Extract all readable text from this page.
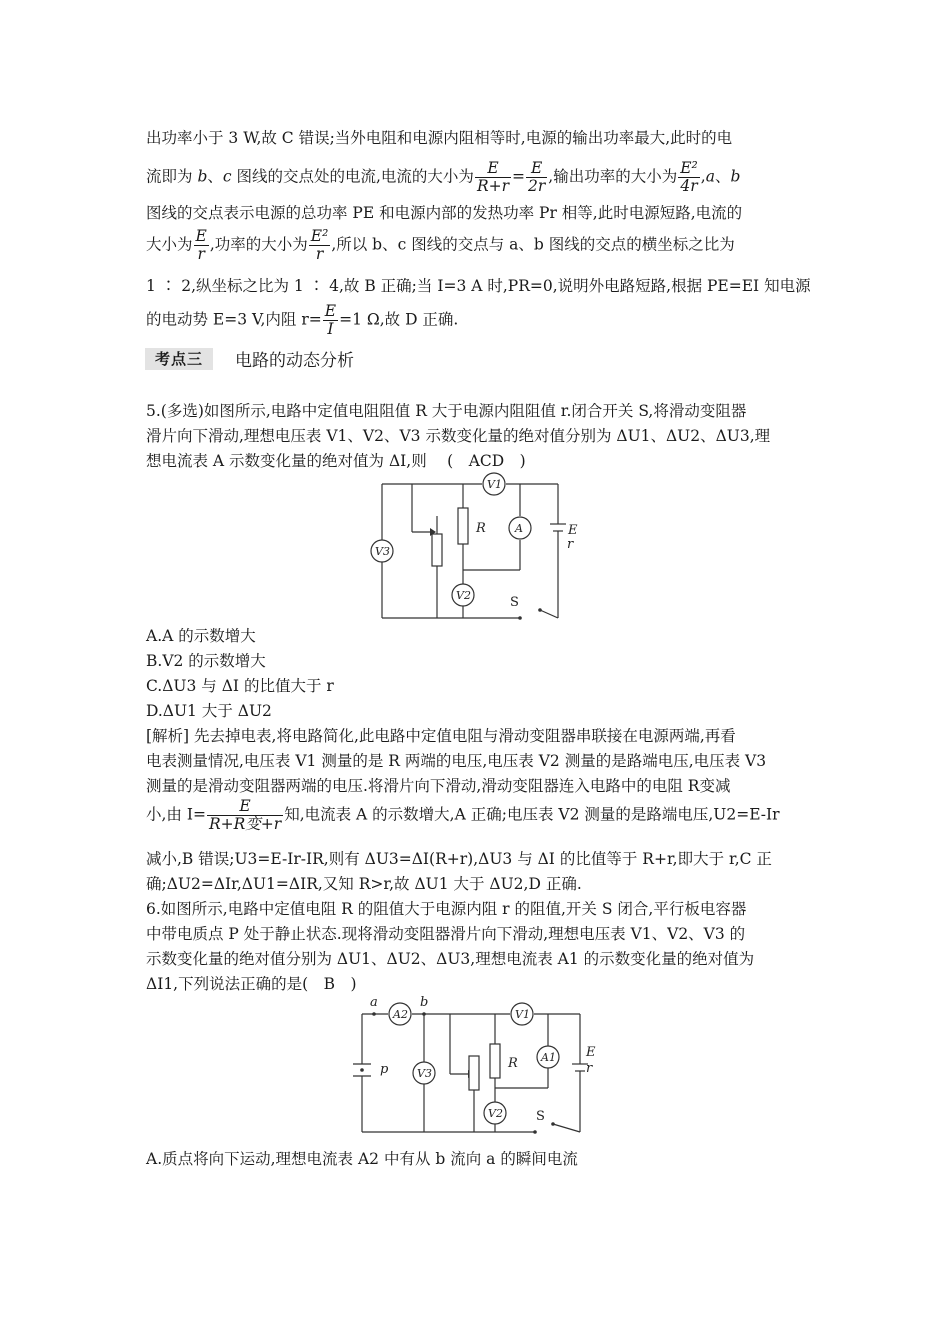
出功率小于 3 W,故 C 错误;当外电阻和电源内阻相等时,电源的输出功率最大,此时的电
流即为 b、c 图线的交点处的电流,电流的大小为 $\frac{E}{R+r} = \frac{E}{2r}$ ,输出功率的大小为 $\frac{\text{E²}}{4r} ,a$、b
图线的交点表示电源的总功率 PE 和电源内部的发热功率 Pr 相等,此时电源短路,电流的
大小为 $\frac{E}{r}$ ,功率的大小为 $\frac{\text{E²}}{r}$ ,所以 b、c 图线的交点与 a、b 图线的交点的横坐标之比为
1 ∶ 2,纵坐标之比为 1 ∶ 4,故 B 正确;当 I=3 A 时,PR=0,说明外电路短路,根据 PE=EI 知电源
的电动势 E=3 V,内阻 $r= \frac{E}{I} =1$ Ω,故 D 正确.
考点三	电路的动态分析
5.(多选)如图所示,电路中定值电阻阻值 R 大于电源内阻阻值 r.闭合开关 S,将滑动变阻器
滑片向下滑动,理想电压表 V1、V2、V3 示数变化量的绝对值分别为 ΔU1、ΔU2、ΔU3,理
想电流表 A 示数变化量的绝对值为 ΔI,则　 (　ACD　)
V1
A
V3
V2
R	E
r
S
A.A 的示数增大
B.V2 的示数增大
C.ΔU3 与 ΔI 的比值大于 r
D.ΔU1 大于 ΔU2
[解析] 先去掉电表,将电路简化,此电路中定值电阻与滑动变阻器串联接在电源两端,再看
电表测量情况,电压表 V1 测量的是 R 两端的电压,电压表 V2 测量的是路端电压,电压表 V3
测量的是滑动变阻器两端的电压.将滑片向下滑动,滑动变阻器连入电路中的电阻 R变减
小,由 $I= \frac{E}{\text{R+R变+r}}$ 知,电流表 A 的示数增大,A 正确;电压表 V2 测量的是路端电压,U2=E-Ir
减小,B 错误;U3=E-Ir-IR,则有 ΔU3=ΔI(R+r),ΔU3 与 ΔI 的比值等于 R+r,即大于 r,C 正
确;ΔU2=ΔIr,ΔU1=ΔIR,又知 R>r,故 ΔU1 大于 ΔU2,D 正确.
6.如图所示,电路中定值电阻 R 的阻值大于电源内阻 r 的阻值,开关 S 闭合,平行板电容器
中带电质点 P 处于静止状态.现将滑动变阻器滑片向下滑动,理想电压表 V1、V2、V3 的
示数变化量的绝对值分别为 ΔU1、ΔU2、ΔU3,理想电流表 A1 的示数变化量的绝对值为
ΔI1,下列说法正确的是(　B　)
a	b
A2	V1
A1
V3
V2
R
E
r
p
S
A.质点将向下运动,理想电流表 A2 中有从 b 流向 a 的瞬间电流
